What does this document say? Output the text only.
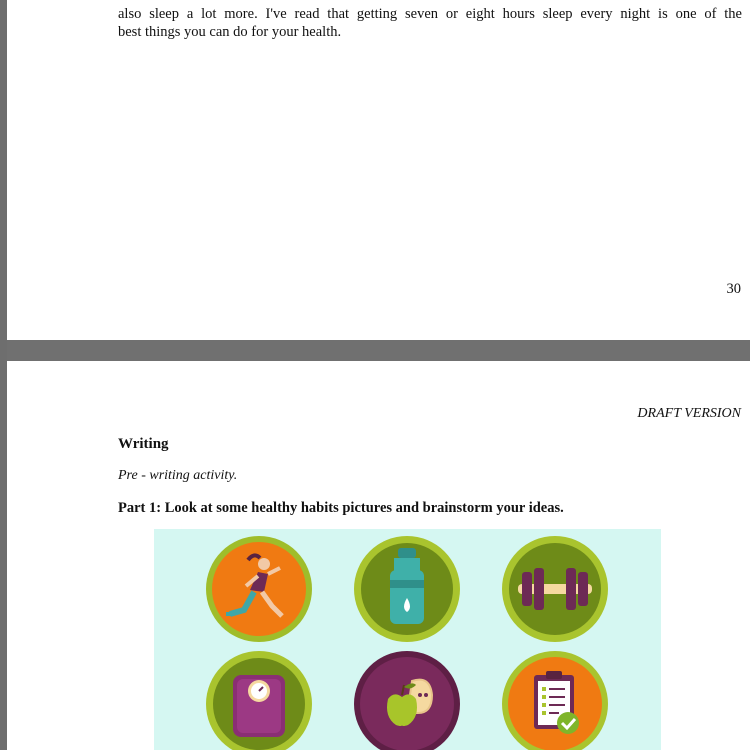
also sleep a lot more. I've read that getting seven or eight hours sleep every night is one of the
best things you can do for your health.
30
DRAFT VERSION
Writing
Pre - writing activity.
Part 1: Look at some healthy habits pictures and brainstorm your ideas.
